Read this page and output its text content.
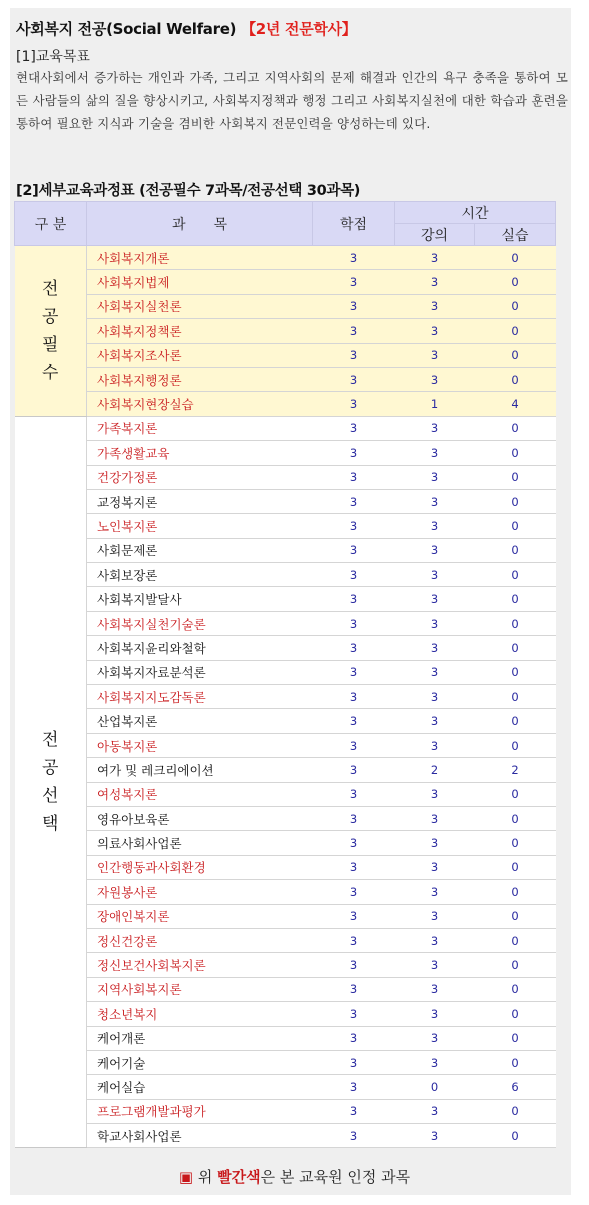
사회복지 전공(Social Welfare) 【2년 전문학사】
[1]교육목표
현대사회에서 증가하는 개인과 가족, 그리고 지역사회의 문제 해결과 인간의 욕구 충족을 통하여 모든 사람들의 삶의 질을 향상시키고, 사회복지정책과 행정 그리고 사회복지실천에 대한 학습과 훈련을 통하여 필요한 지식과 기술을 겸비한 사회복지 전문인력을 양성하는데 있다.
[2]세부교육과정표 (전공필수 7과목/전공선택 30과목)
구 분	과　　목	학점	시간	
			강의	실습
전
공
필
수	사회복지개론	3	3	0
	사회복지법제	3	3	0
	사회복지실천론	3	3	0
	사회복지정책론	3	3	0
	사회복지조사론	3	3	0
	사회복지행정론	3	3	0
	사회복지현장실습	3	1	4
전
공
선
택	가족복지론	3	3	0
	가족생활교육	3	3	0
	건강가정론	3	3	0
	교정복지론	3	3	0
	노인복지론	3	3	0
	사회문제론	3	3	0
	사회보장론	3	3	0
	사회복지발달사	3	3	0
	사회복지실천기술론	3	3	0
	사회복지윤리와철학	3	3	0
	사회복지자료분석론	3	3	0
	사회복지지도감독론	3	3	0
	산업복지론	3	3	0
	아동복지론	3	3	0
	여가 및 레크리에이션	3	2	2
	여성복지론	3	3	0
	영유아보육론	3	3	0
	의료사회사업론	3	3	0
	인간행동과사회환경	3	3	0
	자원봉사론	3	3	0
	장애인복지론	3	3	0
	정신건강론	3	3	0
	정신보건사회복지론	3	3	0
	지역사회복지론	3	3	0
	청소년복지	3	3	0
	케어개론	3	3	0
	케어기술	3	3	0
	케어실습	3	0	6
	프로그램개발과평가	3	3	0
	학교사회사업론	3	3	0
▣ 위 빨간색은 본 교육원 인정 과목
